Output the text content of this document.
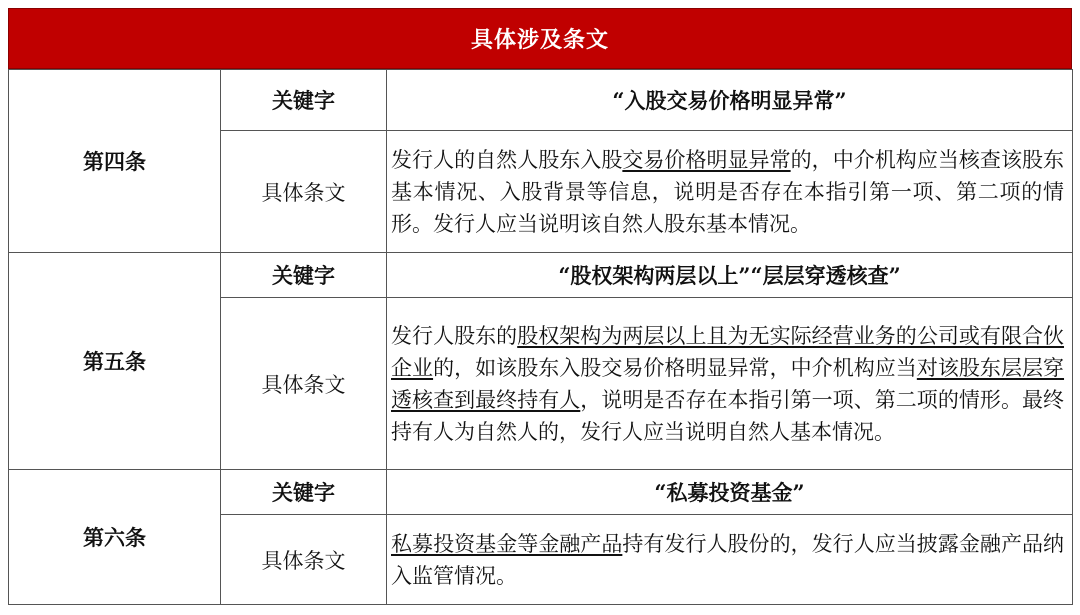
具体涉及条文
第四条	关键字	“入股交易价格明显异常”
	具体条文	发行人的自然人股东入股交易价格明显异常的，中介机构应当核查该股东基本情况、入股背景等信息，说明是否存在本指引第一项、第二项的情形。发行人应当说明该自然人股东基本情况。
第五条	关键字	“股权架构两层以上”“层层穿透核查”
	具体条文	发行人股东的股权架构为两层以上且为无实际经营业务的公司或有限合伙企业的，如该股东入股交易价格明显异常，中介机构应当对该股东层层穿透核查到最终持有人，说明是否存在本指引第一项、第二项的情形。最终持有人为自然人的，发行人应当说明自然人基本情况。
第六条	关键字	“私募投资基金”
	具体条文	私募投资基金等金融产品持有发行人股份的，发行人应当披露金融产品纳入监管情况。
